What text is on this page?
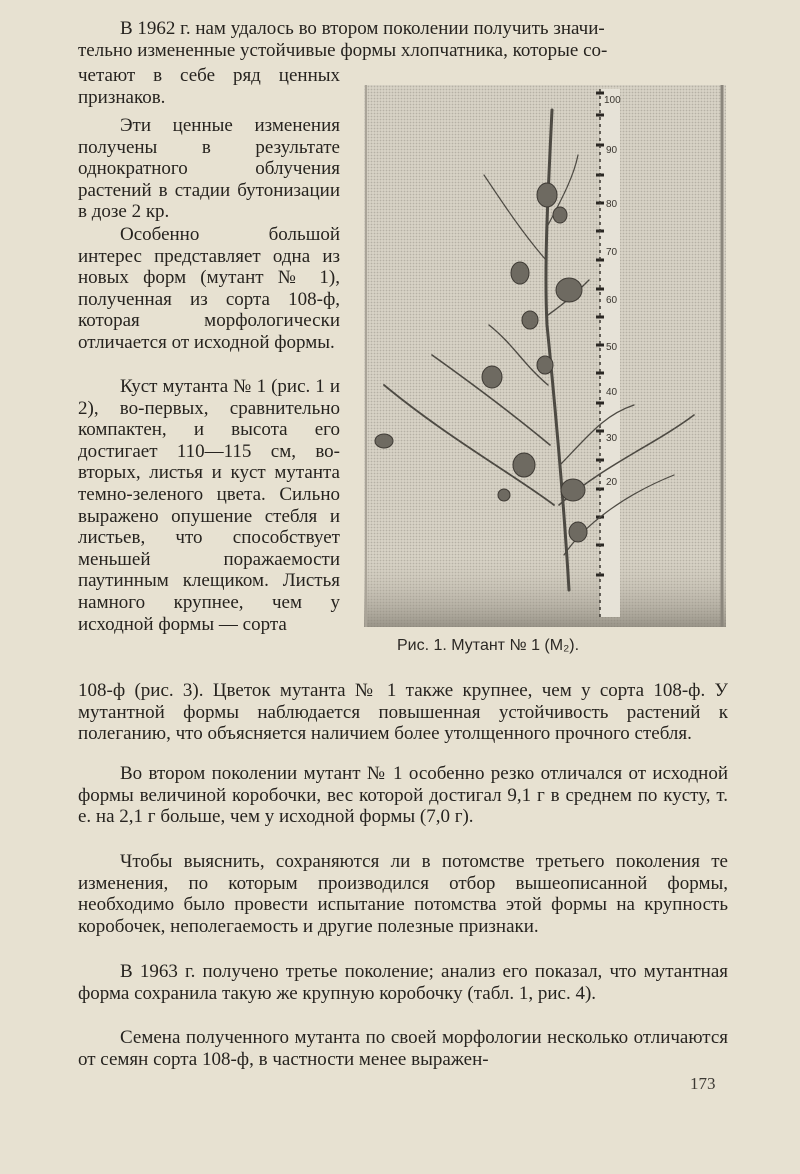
В 1962 г. нам удалось во втором поколении получить значи-
тельно измененные устойчивые формы хлопчатника, которые со-

четают в себе ряд ценных признаков.

Эти ценные изменения получены в результате однократного облучения растений в стадии бутонизации в дозе 2 кр.

Особенно большой интерес представляет одна из новых форм (мутант № 1), полученная из сорта 108-ф, которая морфологически отличается от исходной формы.

Куст мутанта № 1 (рис. 1 и 2), во-первых, сравнительно компактен, и высота его достигает 110—115 см, во-вторых, листья и куст мутанта темно-зеленого цвета. Сильно выражено опушение стебля и листьев, что способствует меньшей поражаемости паутинным клещиком. Листья намного крупнее, чем у исходной формы — сорта

108-ф (рис. 3). Цветок мутанта № 1 также крупнее, чем у сорта 108-ф. У мутантной формы наблюдается повышенная устойчивость растений к полеганию, что объясняется наличием более утолщенного прочного стебля.

Во втором поколении мутант № 1 особенно резко отличался от исходной формы величиной коробочки, вес которой достигал 9,1 г в среднем по кусту, т. е. на 2,1 г больше, чем у исходной формы (7,0 г).

Чтобы выяснить, сохраняются ли в потомстве третьего поколения те изменения, по которым производился отбор вышеописанной формы, необходимо было провести испытание потомства этой формы на крупность коробочек, неполегаемость и другие полезные признаки.

В 1963 г. получено третье поколение; анализ его показал, что мутантная форма сохранила такую же крупную коробочку (табл. 1, рис. 4).

Семена полученного мутанта по своей морфологии несколько отличаются от семян сорта 108-ф, в частности менее выражен-

100
90
80
70
60
50
40
30
20
Рис. 1. Мутант № 1 (М₂).
173
